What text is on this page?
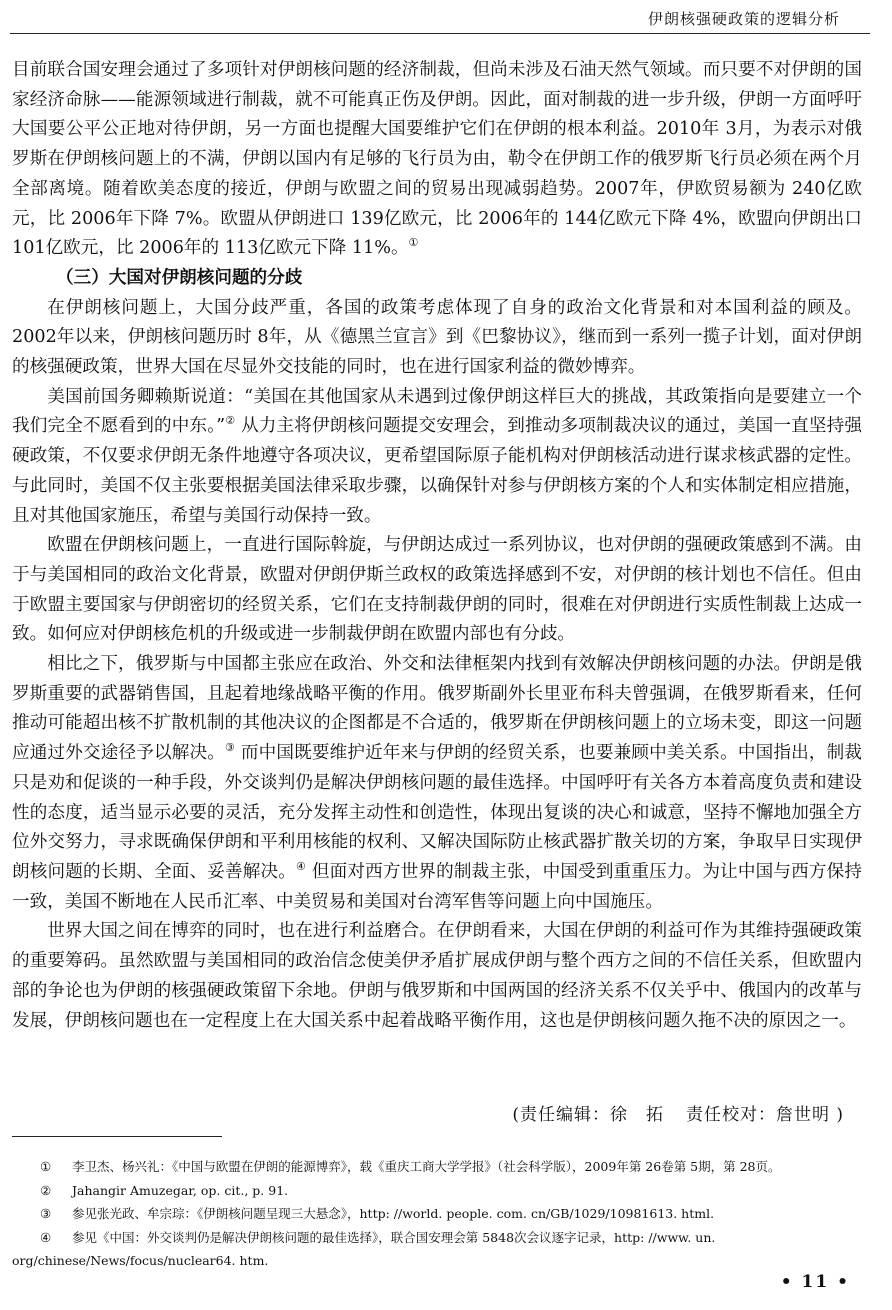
伊朗核强硬政策的逻辑分析

目前联合国安理会通过了多项针对伊朗核问题的经济制裁，但尚未涉及石油天然气领域。而只要不对伊朗的国家经济命脉——能源领域进行制裁，就不可能真正伤及伊朗。因此，面对制裁的进一步升级，伊朗一方面呼吁大国要公平公正地对待伊朗，另一方面也提醒大国要维护它们在伊朗的根本利益。2010年 3月，为表示对俄罗斯在伊朗核问题上的不满，伊朗以国内有足够的飞行员为由，勒令在伊朗工作的俄罗斯飞行员必须在两个月全部离境。随着欧美态度的接近，伊朗与欧盟之间的贸易出现减弱趋势。2007年，伊欧贸易额为 240亿欧元，比 2006年下降 7%。欧盟从伊朗进口 139亿欧元，比 2006年的 144亿欧元下降 4%，欧盟向伊朗出口 101亿欧元，比 2006年的 113亿欧元下降 11%。①

（三）大国对伊朗核问题的分歧

在伊朗核问题上，大国分歧严重，各国的政策考虑体现了自身的政治文化背景和对本国利益的顾及。2002年以来，伊朗核问题历时 8年，从《德黑兰宣言》到《巴黎协议》，继而到一系列一揽子计划，面对伊朗的核强硬政策，世界大国在尽显外交技能的同时，也在进行国家利益的微妙博弈。

美国前国务卿赖斯说道：“美国在其他国家从未遇到过像伊朗这样巨大的挑战，其政策指向是要建立一个我们完全不愿看到的中东。”② 从力主将伊朗核问题提交安理会，到推动多项制裁决议的通过，美国一直坚持强硬政策，不仅要求伊朗无条件地遵守各项决议，更希望国际原子能机构对伊朗核活动进行谋求核武器的定性。与此同时，美国不仅主张要根据美国法律采取步骤，以确保针对参与伊朗核方案的个人和实体制定相应措施，且对其他国家施压，希望与美国行动保持一致。

欧盟在伊朗核问题上，一直进行国际斡旋，与伊朗达成过一系列协议，也对伊朗的强硬政策感到不满。由于与美国相同的政治文化背景，欧盟对伊朗伊斯兰政权的政策选择感到不安，对伊朗的核计划也不信任。但由于欧盟主要国家与伊朗密切的经贸关系，它们在支持制裁伊朗的同时，很难在对伊朗进行实质性制裁上达成一致。如何应对伊朗核危机的升级或进一步制裁伊朗在欧盟内部也有分歧。

相比之下，俄罗斯与中国都主张应在政治、外交和法律框架内找到有效解决伊朗核问题的办法。伊朗是俄罗斯重要的武器销售国，且起着地缘战略平衡的作用。俄罗斯副外长里亚布科夫曾强调，在俄罗斯看来，任何推动可能超出核不扩散机制的其他决议的企图都是不合适的，俄罗斯在伊朗核问题上的立场未变，即这一问题应通过外交途径予以解决。③ 而中国既要维护近年来与伊朗的经贸关系，也要兼顾中美关系。中国指出，制裁只是劝和促谈的一种手段，外交谈判仍是解决伊朗核问题的最佳选择。中国呼吁有关各方本着高度负责和建设性的态度，适当显示必要的灵活，充分发挥主动性和创造性，体现出复谈的决心和诚意，坚持不懈地加强全方位外交努力，寻求既确保伊朗和平利用核能的权利、又解决国际防止核武器扩散关切的方案，争取早日实现伊朗核问题的长期、全面、妥善解决。④ 但面对西方世界的制裁主张，中国受到重重压力。为让中国与西方保持一致，美国不断地在人民币汇率、中美贸易和美国对台湾军售等问题上向中国施压。

世界大国之间在博弈的同时，也在进行利益磨合。在伊朗看来，大国在伊朗的利益可作为其维持强硬政策的重要筹码。虽然欧盟与美国相同的政治信念使美伊矛盾扩展成伊朗与整个西方之间的不信任关系，但欧盟内部的争论也为伊朗的核强硬政策留下余地。伊朗与俄罗斯和中国两国的经济关系不仅关乎中、俄国内的改革与发展，伊朗核问题也在一定程度上在大国关系中起着战略平衡作用，这也是伊朗核问题久拖不决的原因之一。

(责任编辑：徐　拓 责任校对：詹世明 )
① 李卫杰、杨兴礼：《中国与欧盟在伊朗的能源博弈》，载《重庆工商大学学报》（社会科学版），2009年第 26卷第 5期，第 28页。
② Jahangir Amuzegar, op. cit., p. 91.
③ 参见张光政、牟宗琮：《伊朗核问题呈现三大悬念》，http: //world. people. com. cn/GB/1029/10981613. html.
④ 参见《中国：外交谈判仍是解决伊朗核问题的最佳选择》，联合国安理会第 5848次会议逐字记录，http: //www. un. org/chinese/News/focus/nuclear64. htm.
• 11 •
